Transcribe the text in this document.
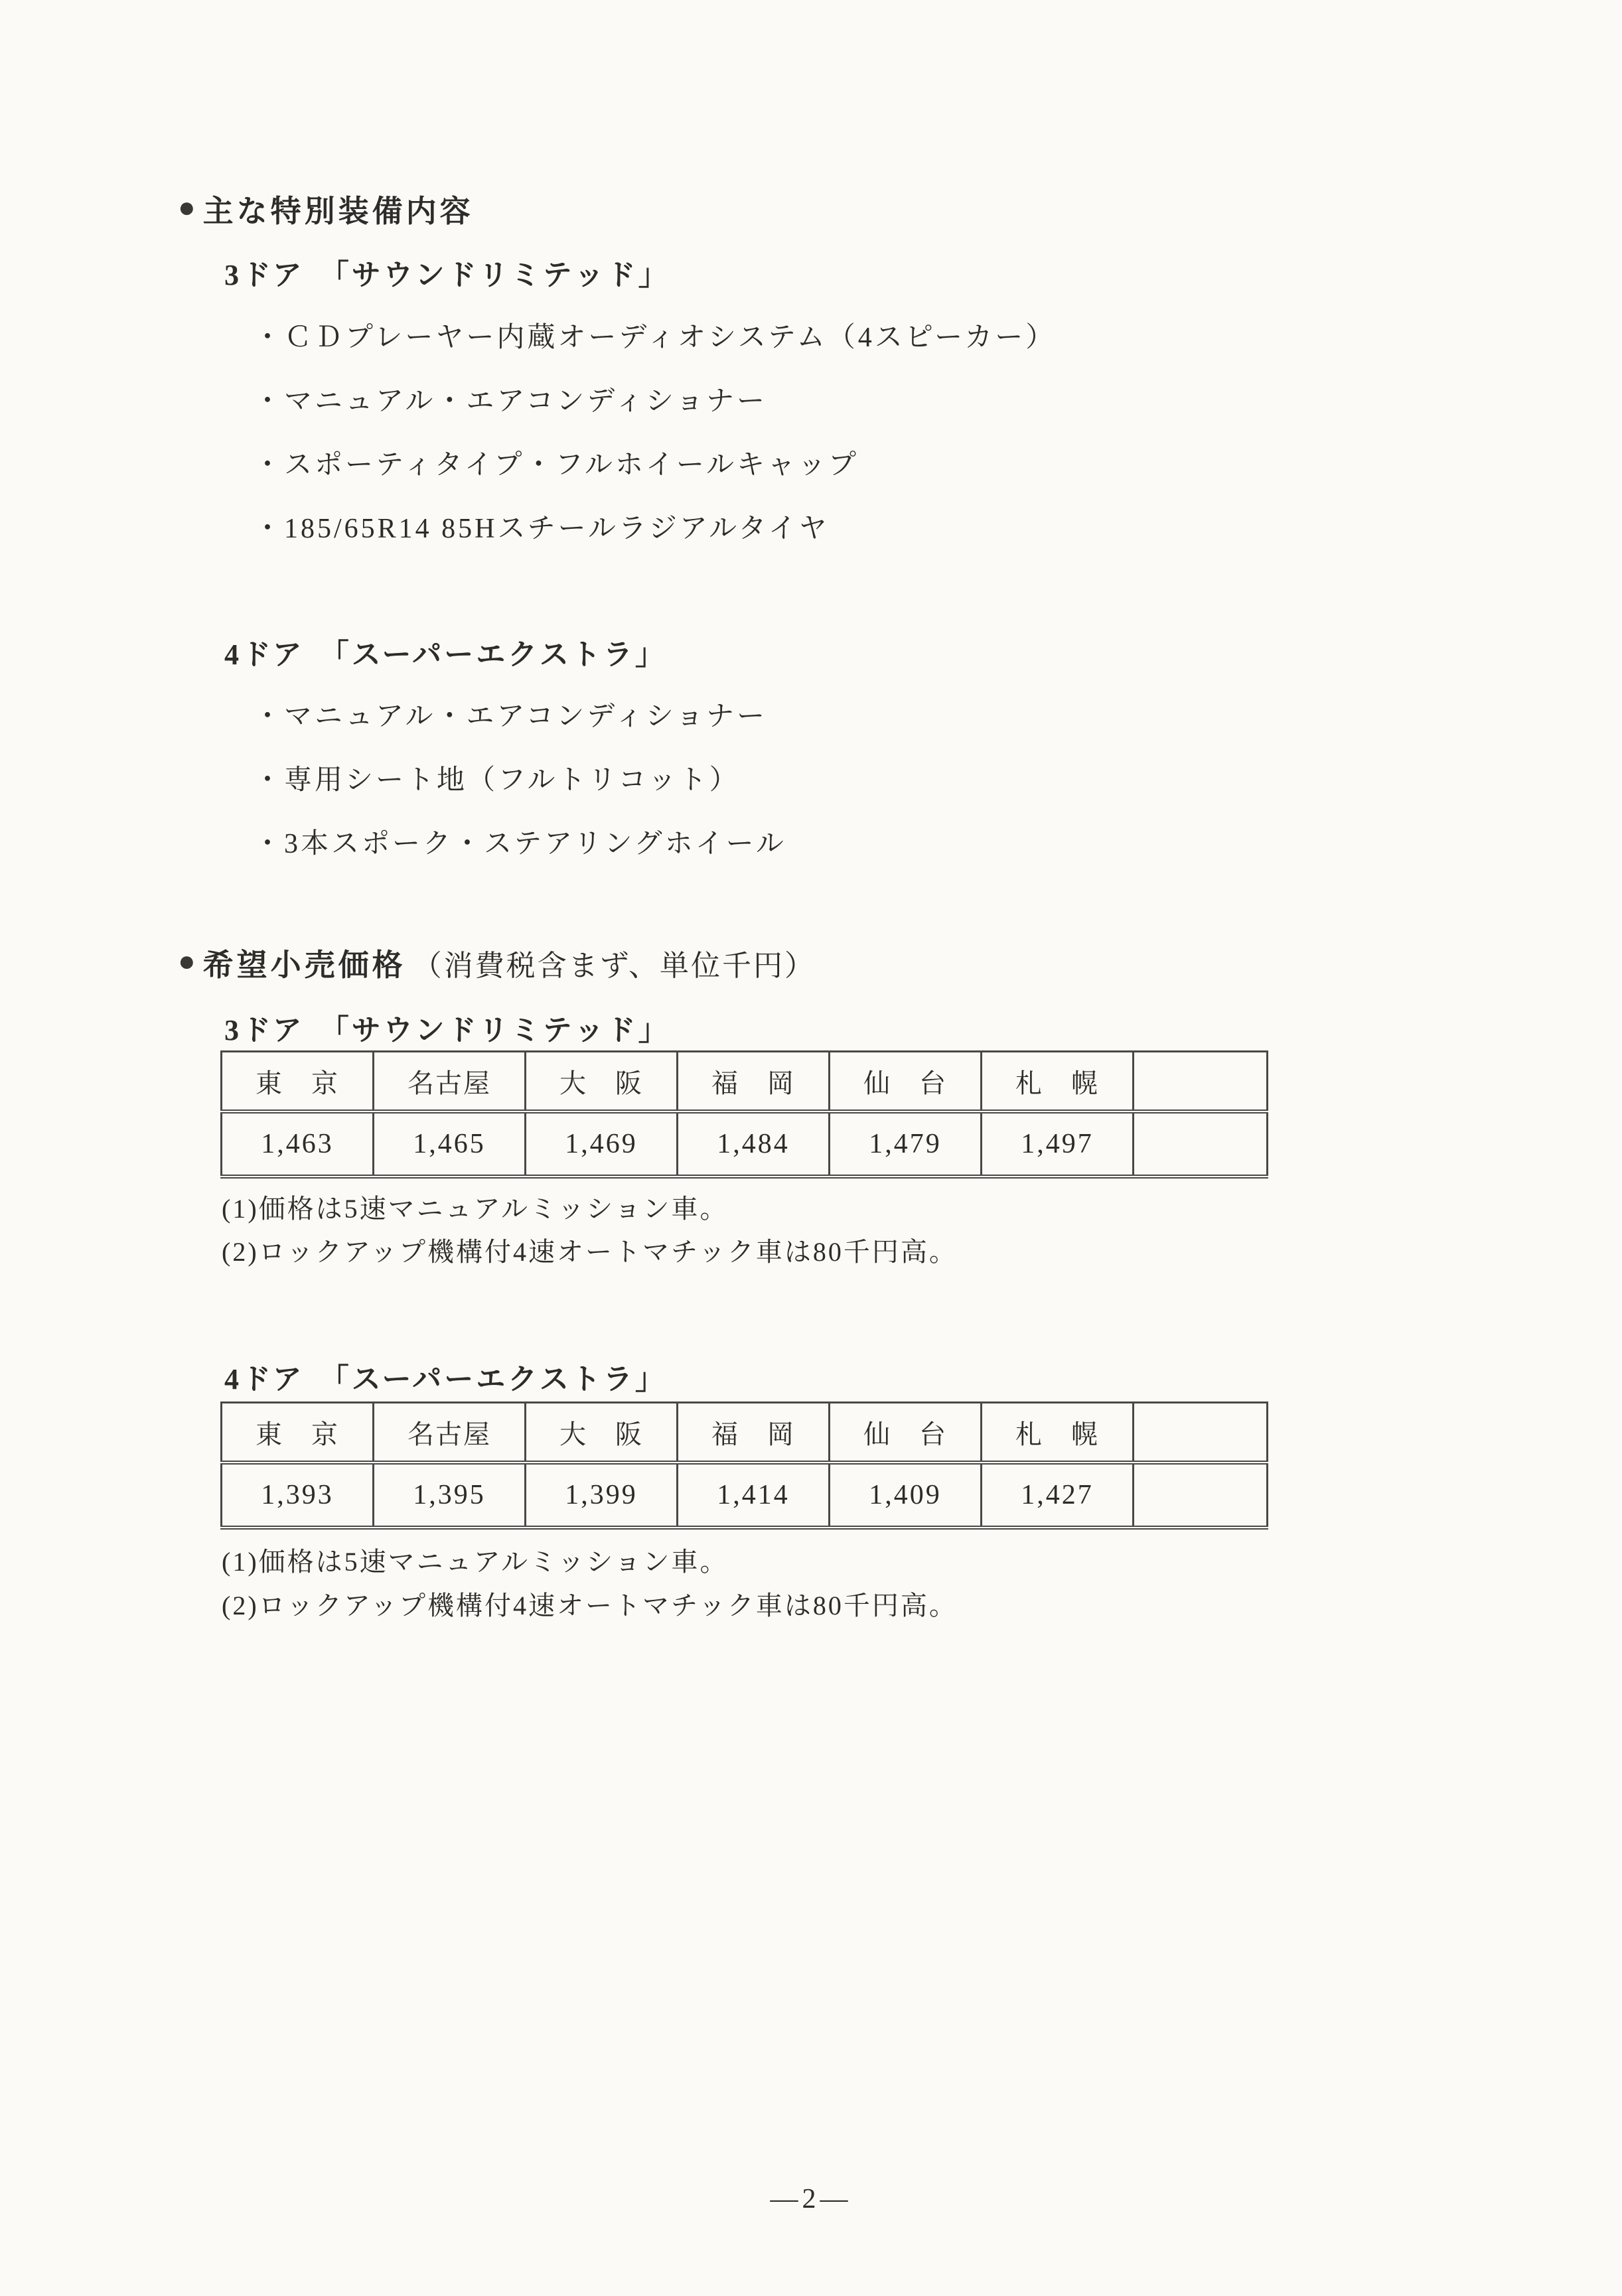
● 主な特別装備内容
3ドア 「サウンドリミテッド」
・ＣＤプレーヤー内蔵オーディオシステム（4スピーカー）
・マニュアル・エアコンディショナー
・スポーティタイプ・フルホイールキャップ
・185/65R14 85Hスチールラジアルタイヤ
4ドア 「スーパーエクストラ」
・マニュアル・エアコンディショナー
・専用シート地（フルトリコット）
・3本スポーク・ステアリングホイール
● 希望小売価格 （消費税含まず、単位千円）
3ドア 「サウンドリミテッド」
東　京	名古屋	大　阪	福　岡	仙　台	札　幌	
1,463	1,465	1,469	1,484	1,479	1,497	
(1)価格は5速マニュアルミッション車。
(2)ロックアップ機構付4速オートマチック車は80千円高。
4ドア 「スーパーエクストラ」
東　京	名古屋	大　阪	福　岡	仙　台	札　幌	
1,393	1,395	1,399	1,414	1,409	1,427	
(1)価格は5速マニュアルミッション車。
(2)ロックアップ機構付4速オートマチック車は80千円高。
—2—
